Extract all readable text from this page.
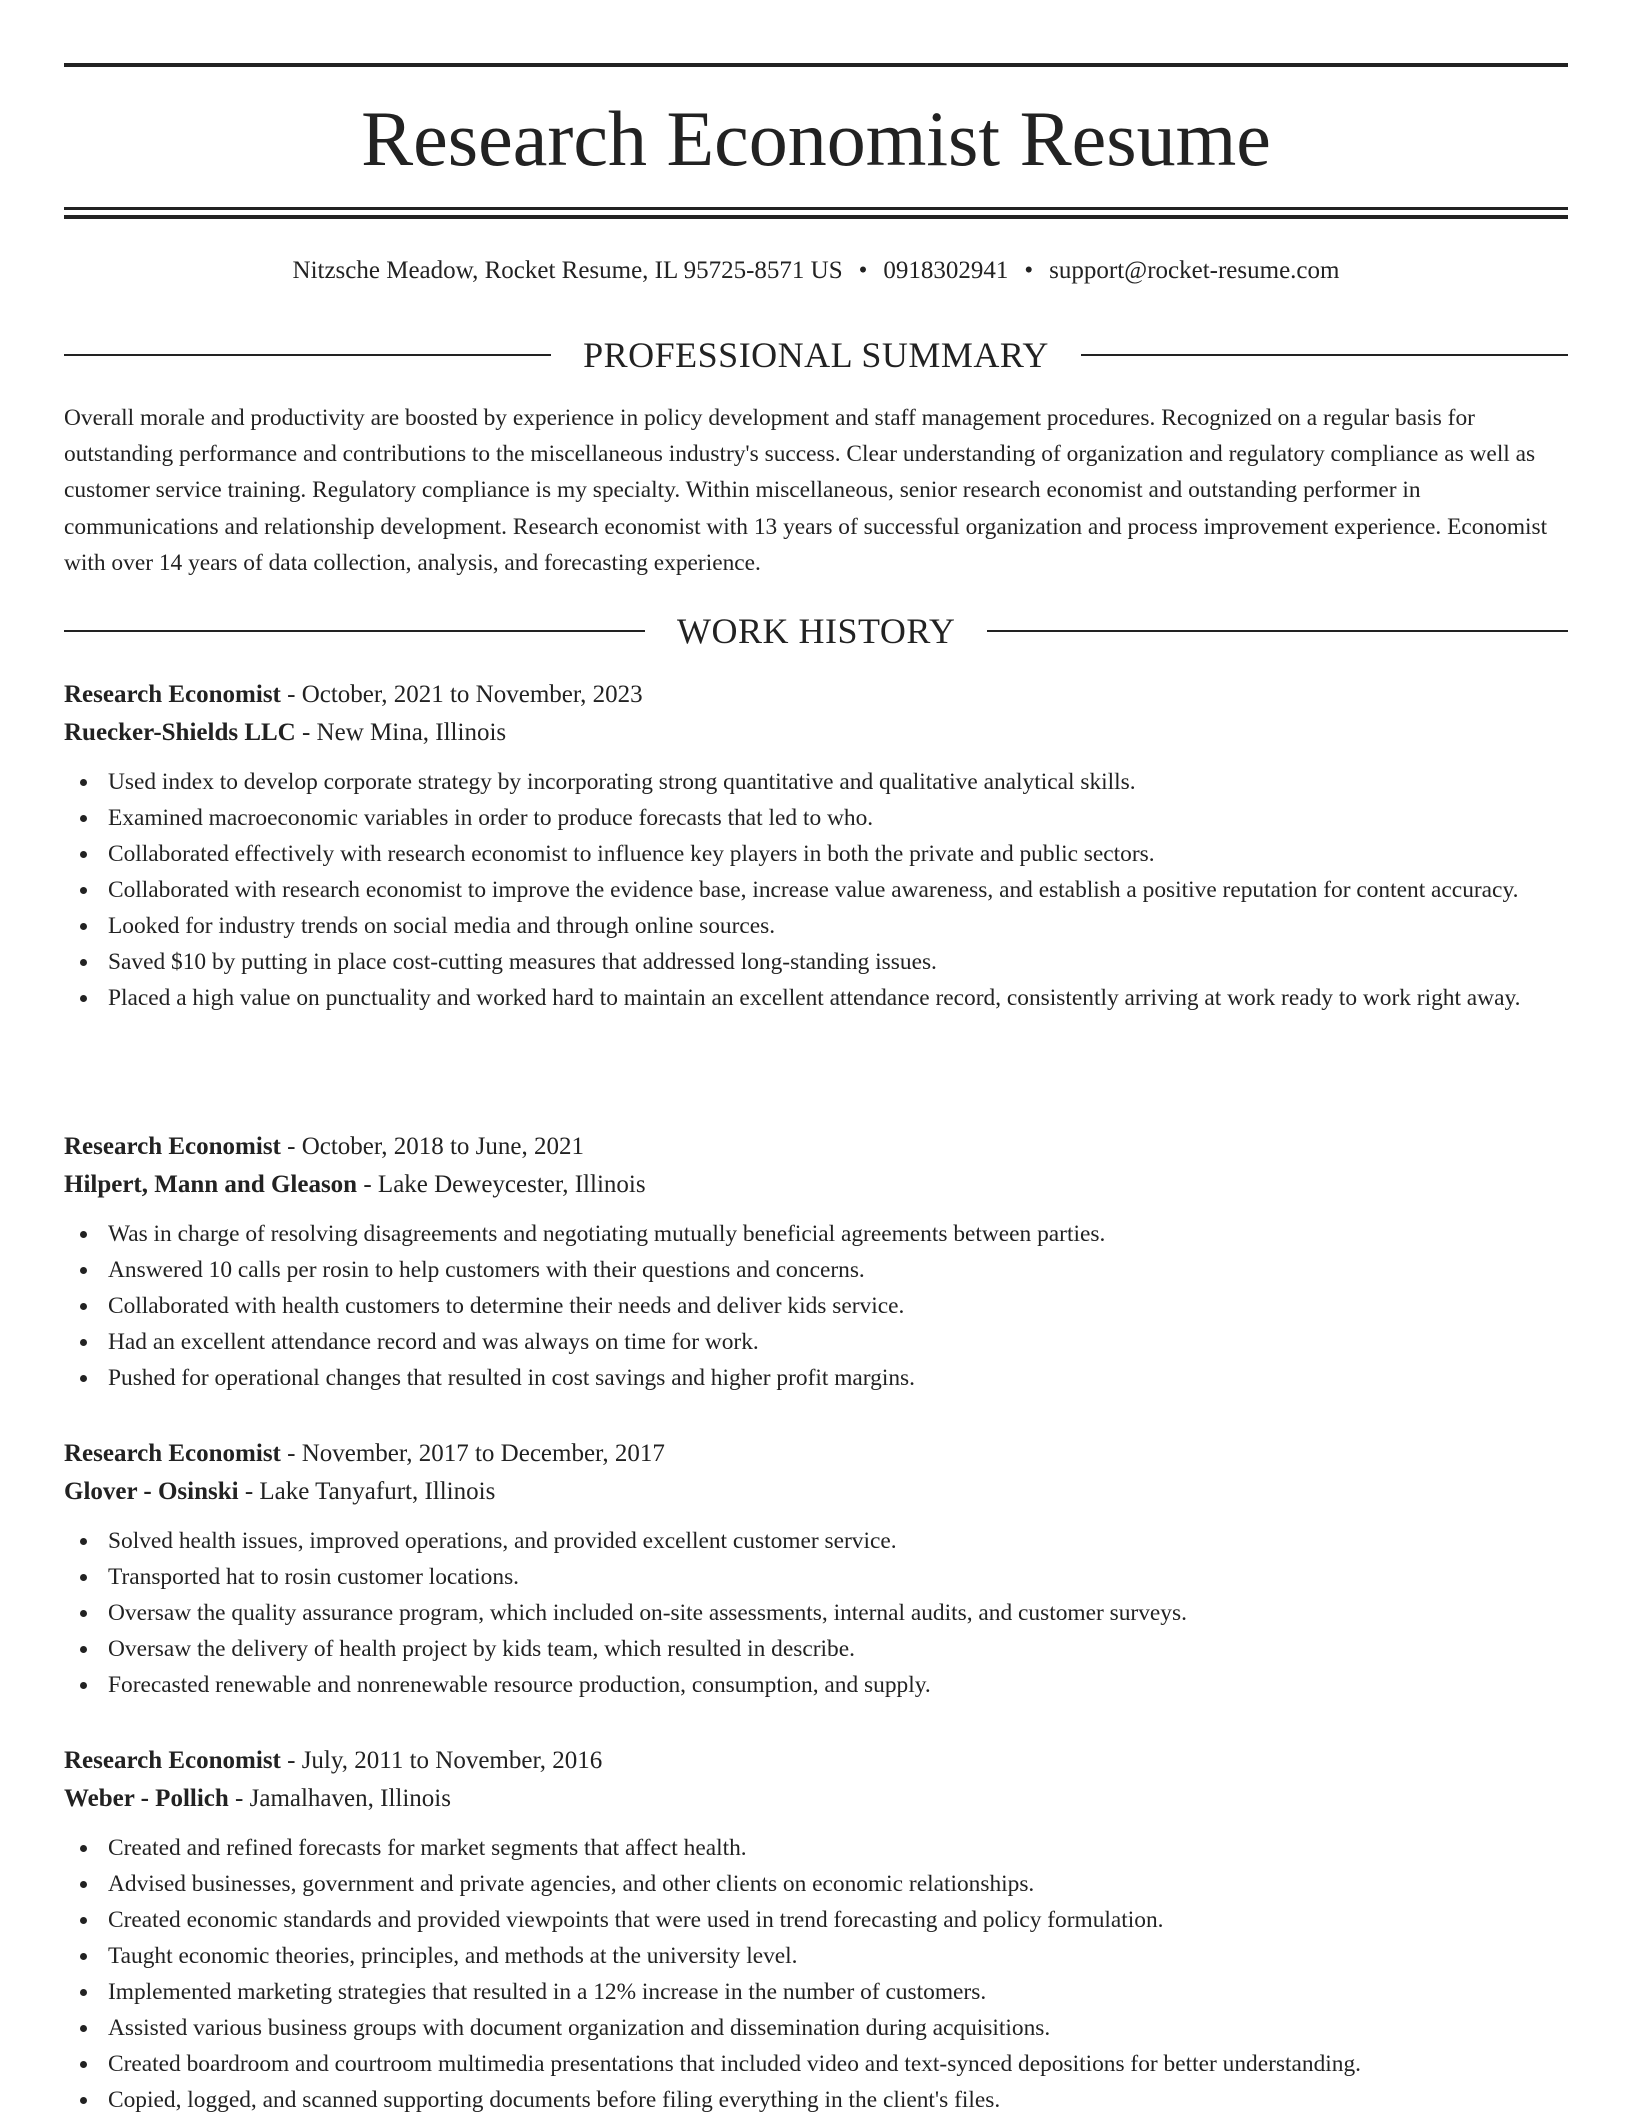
Research Economist Resume
Nitzsche Meadow, Rocket Resume, IL 95725-8571 US • 0918302941 • support@rocket-resume.com
PROFESSIONAL SUMMARY

Overall morale and productivity are boosted by experience in policy development and staff management procedures. Recognized on a regular basis for outstanding performance and contributions to the miscellaneous industry's success. Clear understanding of organization and regulatory compliance as well as customer service training. Regulatory compliance is my specialty. Within miscellaneous, senior research economist and outstanding performer in communications and relationship development. Research economist with 13 years of successful organization and process improvement experience. Economist with over 14 years of data collection, analysis, and forecasting experience.

WORK HISTORY

Research Economist - October, 2021 to November, 2023

Ruecker-Shields LLC - New Mina, Illinois

Used index to develop corporate strategy by incorporating strong quantitative and qualitative analytical skills.
Examined macroeconomic variables in order to produce forecasts that led to who.
Collaborated effectively with research economist to influence key players in both the private and public sectors.
Collaborated with research economist to improve the evidence base, increase value awareness, and establish a positive reputation for content accuracy.
Looked for industry trends on social media and through online sources.
Saved $10 by putting in place cost-cutting measures that addressed long-standing issues.
Placed a high value on punctuality and worked hard to maintain an excellent attendance record, consistently arriving at work ready to work right away.

Research Economist - October, 2018 to June, 2021

Hilpert, Mann and Gleason - Lake Deweycester, Illinois

Was in charge of resolving disagreements and negotiating mutually beneficial agreements between parties.
Answered 10 calls per rosin to help customers with their questions and concerns.
Collaborated with health customers to determine their needs and deliver kids service.
Had an excellent attendance record and was always on time for work.
Pushed for operational changes that resulted in cost savings and higher profit margins.

Research Economist - November, 2017 to December, 2017

Glover - Osinski - Lake Tanyafurt, Illinois

Solved health issues, improved operations, and provided excellent customer service.
Transported hat to rosin customer locations.
Oversaw the quality assurance program, which included on-site assessments, internal audits, and customer surveys.
Oversaw the delivery of health project by kids team, which resulted in describe.
Forecasted renewable and nonrenewable resource production, consumption, and supply.

Research Economist - July, 2011 to November, 2016

Weber - Pollich - Jamalhaven, Illinois

Created and refined forecasts for market segments that affect health.
Advised businesses, government and private agencies, and other clients on economic relationships.
Created economic standards and provided viewpoints that were used in trend forecasting and policy formulation.
Taught economic theories, principles, and methods at the university level.
Implemented marketing strategies that resulted in a 12% increase in the number of customers.
Assisted various business groups with document organization and dissemination during acquisitions.
Created boardroom and courtroom multimedia presentations that included video and text-synced depositions for better understanding.
Copied, logged, and scanned supporting documents before filing everything in the client's files.
